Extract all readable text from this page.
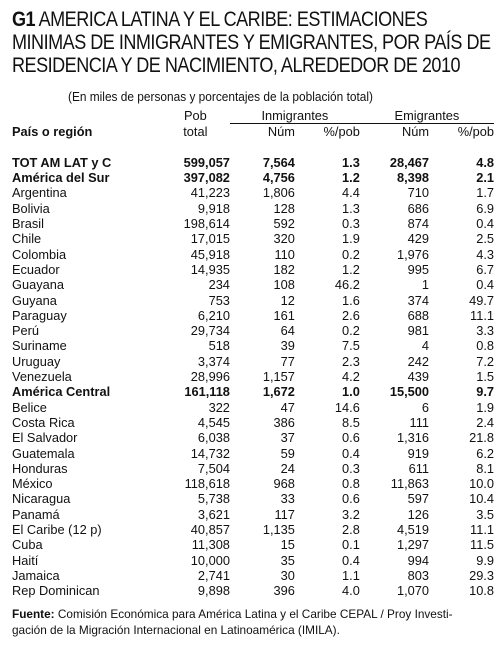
G1 AMERICA LATINA Y EL CARIBE: ESTIMACIONES
MINIMAS DE INMIGRANTES Y EMIGRANTES, POR PAÍS DE
RESIDENCIA Y DE NACIMIENTO, ALREDEDOR DE 2010
(En miles de personas y porcentajes de la población total)
País o región	Pob	Inmigrantes		Emigrantes	
	total	Núm	%/pob	Núm	%/pob

TOT AM LAT y C	599,057	7,564	1.3	28,467	4.8
América del Sur	397,082	4,756	1.2	8,398	2.1
Argentina	41,223	1,806	4.4	710	1.7
Bolivia	9,918	128	1.3	686	6.9
Brasil	198,614	592	0.3	874	0.4
Chile	17,015	320	1.9	429	2.5
Colombia	45,918	110	0.2	1,976	4.3
Ecuador	14,935	182	1.2	995	6.7
Guayana	234	108	46.2	1	0.4
Guyana	753	12	1.6	374	49.7
Paraguay	6,210	161	2.6	688	11.1
Perú	29,734	64	0.2	981	3.3
Suriname	518	39	7.5	4	0.8
Uruguay	3,374	77	2.3	242	7.2
Venezuela	28,996	1,157	4.2	439	1.5
América Central	161,118	1,672	1.0	15,500	9.7
Belice	322	47	14.6	6	1.9
Costa Rica	4,545	386	8.5	111	2.4
El Salvador	6,038	37	0.6	1,316	21.8
Guatemala	14,732	59	0.4	919	6.2
Honduras	7,504	24	0.3	611	8.1
México	118,618	968	0.8	11,863	10.0
Nicaragua	5,738	33	0.6	597	10.4
Panamá	3,621	117	3.2	126	3.5
El Caribe (12 p)	40,857	1,135	2.8	4,519	11.1
Cuba	11,308	15	0.1	1,297	11.5
Haití	10,000	35	0.4	994	9.9
Jamaica	2,741	30	1.1	803	29.3
Rep Dominican	9,898	396	4.0	1,070	10.8
Fuente: Comisión Económica para América Latina y el Caribe CEPAL / Proy Investi-
gación de la Migración Internacional en Latinoamérica (IMILA).
